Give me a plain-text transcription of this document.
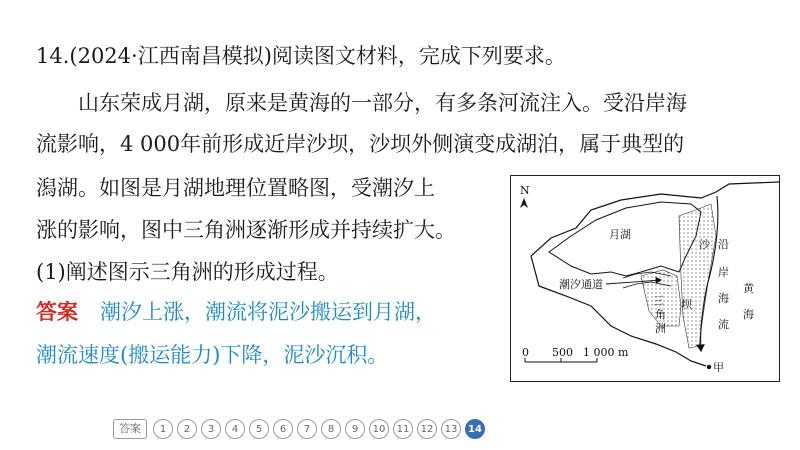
14.(2024·江西南昌模拟)阅读图文材料，完成下列要求。
山东荣成月湖，原来是黄海的一部分，有多条河流注入。受沿岸海
流影响，4 000年前形成近岸沙坝，沙坝外侧演变成湖泊，属于典型的
潟湖。如图是月湖地理位置略图，受潮汐上
涨的影响，图中三角洲逐渐形成并持续扩大。
(1)阐述图示三角洲的形成过程。
答案 潮汐上涨，潮流将泥沙搬运到月湖，
潮流速度(搬运能力)下降，泥沙沉积。
N
月湖
潮汐通道
三
角
洲
沙
坝
沿
岸
海
流
黄
海
甲
0 500 1 000 m
答案	1	2	3	4	5	6	7	8	9	10	11	12	13	14
